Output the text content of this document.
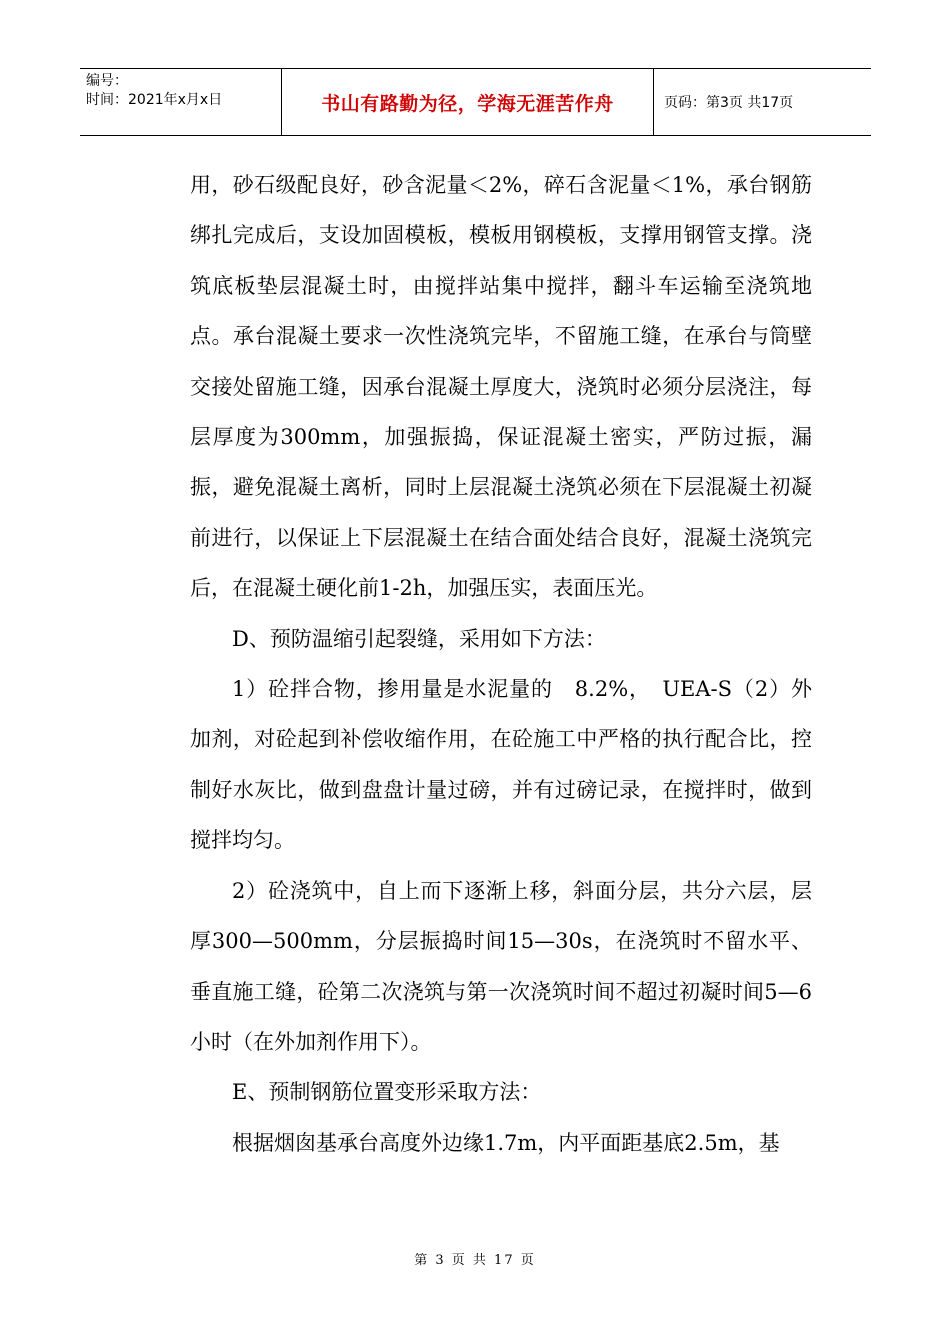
编号：
时间：2021年x月x日	书山有路勤为径，学海无涯苦作舟	页码：第3页 共17页

用，砂石级配良好，砂含泥量＜2%，碎石含泥量＜1%，承台钢筋绑扎完成后，支设加固模板，模板用钢模板，支撑用钢管支撑。浇筑底板垫层混凝土时，由搅拌站集中搅拌，翻斗车运输至浇筑地点。承台混凝土要求一次性浇筑完毕，不留施工缝，在承台与筒壁交接处留施工缝，因承台混凝土厚度大，浇筑时必须分层浇注，每层厚度为300mm，加强振捣，保证混凝土密实，严防过振，漏振，避免混凝土离析，同时上层混凝土浇筑必须在下层混凝土初凝前进行，以保证上下层混凝土在结合面处结合良好，混凝土浇筑完后，在混凝土硬化前1-2h，加强压实，表面压光。

D、预防温缩引起裂缝，采用如下方法：

1）砼拌合物，掺用量是水泥量的　8.2%，　UEA-S（2）外加剂，对砼起到补偿收缩作用，在砼施工中严格的执行配合比，控制好水灰比，做到盘盘计量过磅，并有过磅记录，在搅拌时，做到搅拌均匀。

2）砼浇筑中，自上而下逐渐上移，斜面分层，共分六层，层厚300—500mm，分层振捣时间15—30s，在浇筑时不留水平、垂直施工缝，砼第二次浇筑与第一次浇筑时间不超过初凝时间5—6小时（在外加剂作用下）。

E、预制钢筋位置变形采取方法：

根据烟囱基承台高度外边缘1.7m，内平面距基底2.5m，基

第 3 页 共 17 页
